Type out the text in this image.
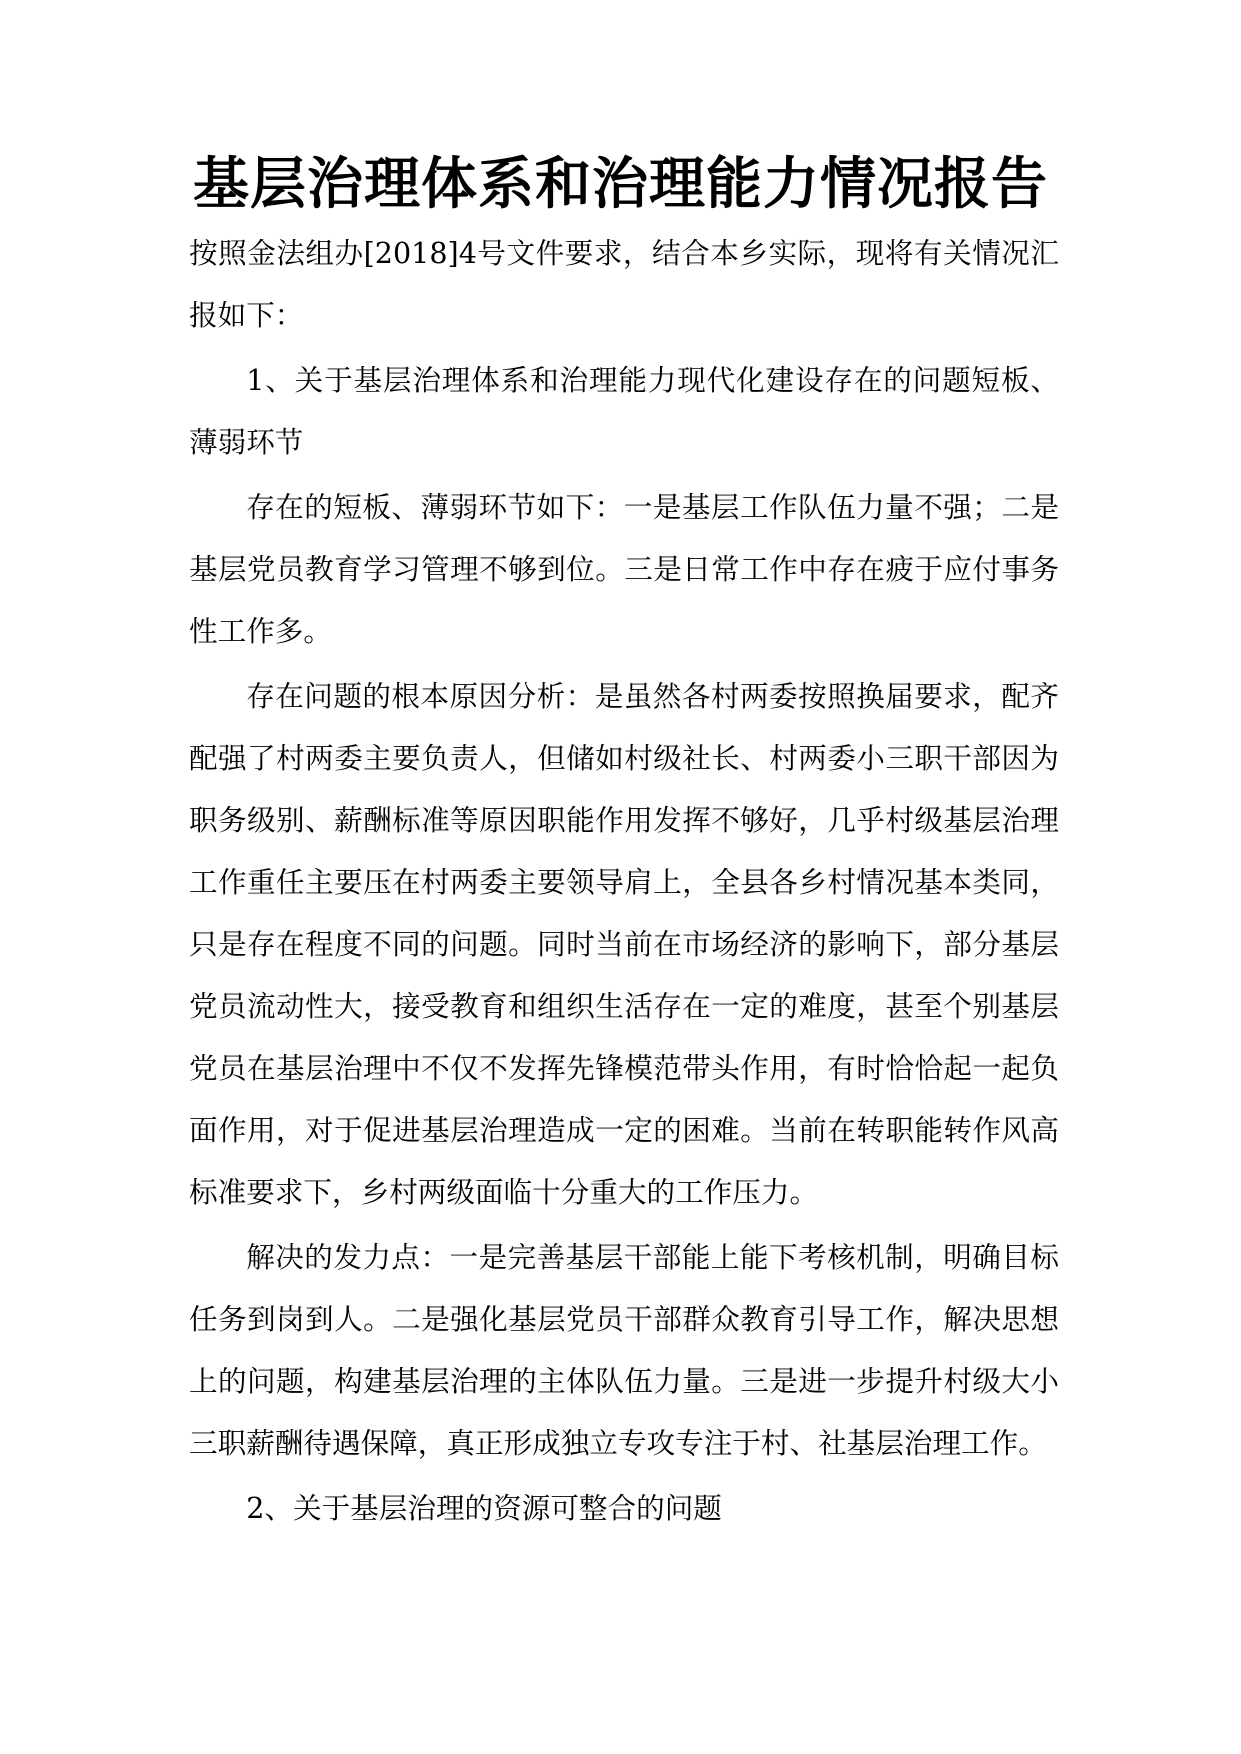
基层治理体系和治理能力情况报告

按照金法组办[2018]4号文件要求，结合本乡实际，现将有关情况汇报如下：

1、关于基层治理体系和治理能力现代化建设存在的问题短板、薄弱环节

存在的短板、薄弱环节如下：一是基层工作队伍力量不强；二是基层党员教育学习管理不够到位。三是日常工作中存在疲于应付事务性工作多。

存在问题的根本原因分析：是虽然各村两委按照换届要求，配齐配强了村两委主要负责人，但储如村级社长、村两委小三职干部因为职务级别、薪酬标准等原因职能作用发挥不够好，几乎村级基层治理工作重任主要压在村两委主要领导肩上，全县各乡村情况基本类同，只是存在程度不同的问题。同时当前在市场经济的影响下，部分基层党员流动性大，接受教育和组织生活存在一定的难度，甚至个别基层党员在基层治理中不仅不发挥先锋模范带头作用，有时恰恰起一起负面作用，对于促进基层治理造成一定的困难。当前在转职能转作风高标准要求下，乡村两级面临十分重大的工作压力。

解决的发力点：一是完善基层干部能上能下考核机制，明确目标任务到岗到人。二是强化基层党员干部群众教育引导工作，解决思想上的问题，构建基层治理的主体队伍力量。三是进一步提升村级大小三职薪酬待遇保障，真正形成独立专攻专注于村、社基层治理工作。

2、关于基层治理的资源可整合的问题
